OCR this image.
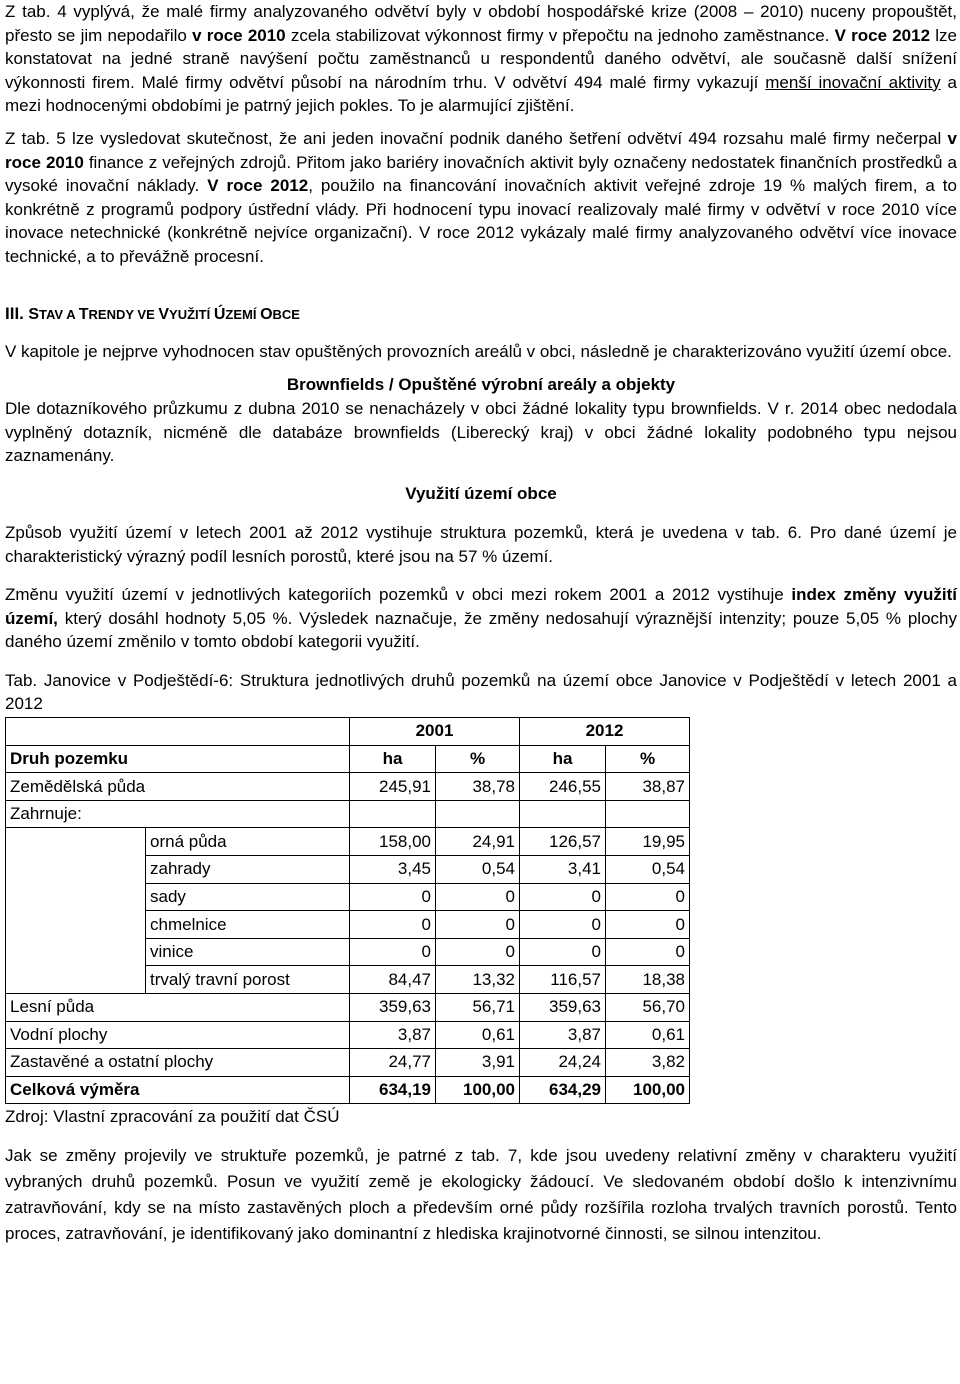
Z tab. 4 vyplývá, že malé firmy analyzovaného odvětví byly v období hospodářské krize (2008 – 2010) nuceny propouštět, přesto se jim nepodařilo v roce 2010 zcela stabilizovat výkonnost firmy v přepočtu na jednoho zaměstnance. V roce 2012 lze konstatovat na jedné straně navýšení počtu zaměstnanců u respondentů daného odvětví, ale současně další snížení výkonnosti firem. Malé firmy odvětví působí na národním trhu. V odvětví 494 malé firmy vykazují menší inovační aktivity a mezi hodnocenými obdobími je patrný jejich pokles. To je alarmující zjištění.

Z tab. 5 lze vysledovat skutečnost, že ani jeden inovační podnik daného šetření odvětví 494 rozsahu malé firmy nečerpal v roce 2010 finance z veřejných zdrojů. Přitom jako bariéry inovačních aktivit byly označeny nedostatek finančních prostředků a vysoké inovační náklady. V roce 2012, použilo na financování inovačních aktivit veřejné zdroje 19 % malých firem, a to konkrétně z programů podpory ústřední vlády. Při hodnocení typu inovací realizovaly malé firmy v odvětví v roce 2010 více inovace netechnické (konkrétně nejvíce organizační). V roce 2012 vykázaly malé firmy analyzovaného odvětví více inovace technické, a to převážně procesní.

III. STAV A TRENDY VE VYUŽITÍ ÚZEMÍ OBCE

V kapitole je nejprve vyhodnocen stav opuštěných provozních areálů v obci, následně je charakterizováno využití území obce.

Brownfields / Opuštěné výrobní areály a objekty

Dle dotazníkového průzkumu z dubna 2010 se nenacházely v obci žádné lokality typu brownfields. V r. 2014 obec nedodala vyplněný dotazník, nicméně dle databáze brownfields (Liberecký kraj) v obci žádné lokality podobného typu nejsou zaznamenány.

Využití území obce

Způsob využití území v letech 2001 až 2012 vystihuje struktura pozemků, která je uvedena v tab. 6. Pro dané území je charakteristický výrazný podíl lesních porostů, které jsou na 57 % území.

Změnu využití území v jednotlivých kategoriích pozemků v obci mezi rokem 2001 a 2012 vystihuje index změny využití území, který dosáhl hodnoty 5,05 %. Výsledek naznačuje, že změny nedosahují výraznější intenzity; pouze 5,05 % plochy daného území změnilo v tomto období kategorii využití.

Tab. Janovice v Podještědí-6: Struktura jednotlivých druhů pozemků na území obce Janovice v Podještědí v letech 2001 a 2012

		2001		2012	
Druh pozemku		ha	%	ha	%
Zemědělská půda		245,91	38,78	246,55	38,87
Zahrnuje:					
	orná půda	158,00	24,91	126,57	19,95
	zahrady	3,45	0,54	3,41	0,54
	sady	0	0	0	0
	chmelnice	0	0	0	0
	vinice	0	0	0	0
	trvalý travní porost	84,47	13,32	116,57	18,38
Lesní půda		359,63	56,71	359,63	56,70
Vodní plochy		3,87	0,61	3,87	0,61
Zastavěné a ostatní plochy		24,77	3,91	24,24	3,82
Celková výměra		634,19	100,00	634,29	100,00

Zdroj: Vlastní zpracování za použití dat ČSÚ

Jak se změny projevily ve struktuře pozemků, je patrné z tab. 7, kde jsou uvedeny relativní změny v charakteru využití vybraných druhů pozemků. Posun ve využití země je ekologicky žádoucí. Ve sledovaném období došlo k intenzivnímu zatravňování, kdy se na místo zastavěných ploch a především orné půdy rozšířila rozloha trvalých travních porostů. Tento proces, zatravňování, je identifikovaný jako dominantní z hlediska krajinotvorné činnosti, se silnou intenzitou.
